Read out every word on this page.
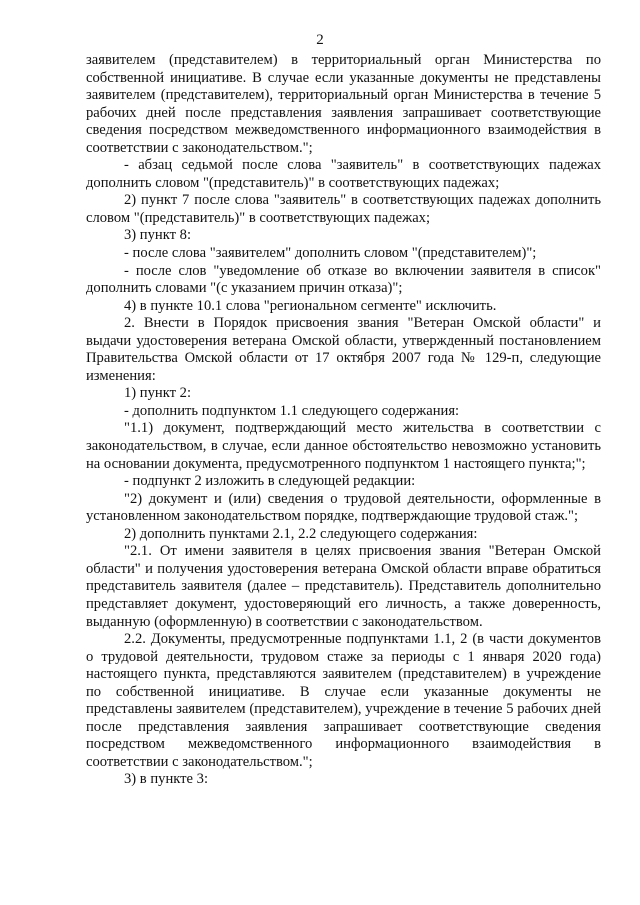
2

заявителем (представителем) в территориальный орган Министерства по собственной инициативе. В случае если указанные документы не представлены заявителем (представителем), территориальный орган Министерства в течение 5 рабочих дней после представления заявления запрашивает соответствующие сведения посредством межведомственного информационного взаимодействия в соответствии с законодательством.";

- абзац седьмой после слова "заявитель" в соответствующих падежах дополнить словом "(представитель)" в соответствующих падежах;

2) пункт 7 после слова "заявитель" в соответствующих падежах дополнить словом "(представитель)" в соответствующих падежах;

3) пункт 8:

- после слова "заявителем" дополнить словом "(представителем)";

- после слов "уведомление об отказе во включении заявителя в список" дополнить словами "(с указанием причин отказа)";

4) в пункте 10.1 слова "региональном сегменте" исключить.

2. Внести в Порядок присвоения звания "Ветеран Омской области" и выдачи удостоверения ветерана Омской области, утвержденный постановлением Правительства Омской области от 17 октября 2007 года № 129-п, следующие изменения:

1) пункт 2:

- дополнить подпунктом 1.1 следующего содержания:

"1.1) документ, подтверждающий место жительства в соответствии с законодательством, в случае, если данное обстоятельство невозможно установить на основании документа, предусмотренного подпунктом 1 настоящего пункта;";

- подпункт 2 изложить в следующей редакции:

"2) документ и (или) сведения о трудовой деятельности, оформленные в установленном законодательством порядке, подтверждающие трудовой стаж.";

2) дополнить пунктами 2.1, 2.2 следующего содержания:

"2.1. От имени заявителя в целях присвоения звания "Ветеран Омской области" и получения удостоверения ветерана Омской области вправе обратиться представитель заявителя (далее – представитель). Представитель дополнительно представляет документ, удостоверяющий его личность, а также доверенность, выданную (оформленную) в соответствии с законодательством.

2.2. Документы, предусмотренные подпунктами 1.1, 2 (в части документов о трудовой деятельности, трудовом стаже за периоды с 1 января 2020 года) настоящего пункта, представляются заявителем (представителем) в учреждение по собственной инициативе. В случае если указанные документы не представлены заявителем (представителем), учреждение в течение 5 рабочих дней после представления заявления запрашивает соответствующие сведения посредством межведомственного информационного взаимодействия в соответствии с законодательством.";

3) в пункте 3:
